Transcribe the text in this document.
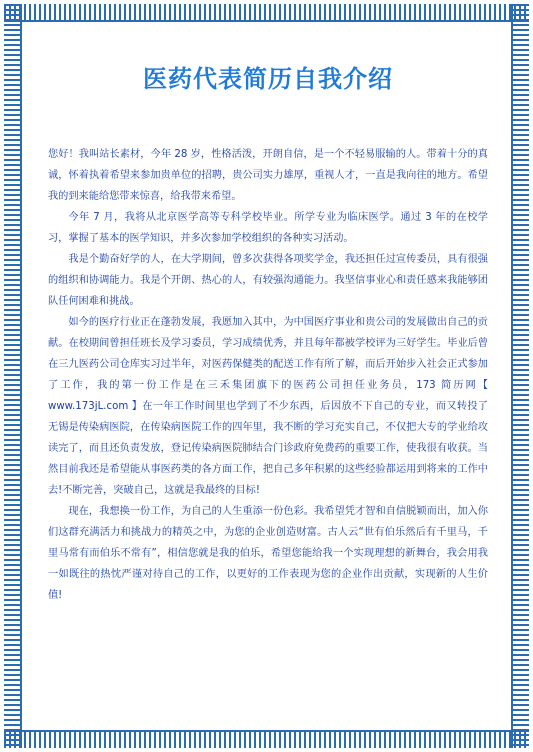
医药代表简历自我介绍

您好！我叫站长素材，今年 28 岁，性格活泼，开朗自信，是一个不轻易服输的人。带着十分的真诚，怀着执着希望来参加贵单位的招聘，贵公司实力雄厚，重视人才，一直是我向往的地方。希望我的到来能给您带来惊喜，给我带来希望。

今年 7 月，我将从北京医学高等专科学校毕业。所学专业为临床医学。通过 3 年的在校学习，掌握了基本的医学知识，并多次参加学校组织的各种实习活动。

我是个勤奋好学的人，在大学期间，曾多次获得各项奖学金，我还担任过宣传委员，具有很强的组织和协调能力。我是个开朗、热心的人，有较强沟通能力。我坚信事业心和责任感来我能够团队任何困难和挑战。

如今的医疗行业正在蓬勃发展，我愿加入其中，为中国医疗事业和贵公司的发展做出自己的贡献。在校期间曾担任班长及学习委员，学习成绩优秀，并且每年都被学校评为三好学生。毕业后曾在三九医药公司仓库实习过半年，对医药保健类的配送工作有所了解，而后开始步入社会正式参加了工作，我的第一份工作是在三禾集团旗下的医药公司担任业务员，173 简历网【 www.173jL.com 】在一年工作时间里也学到了不少东西，后因放不下自己的专业，而又转投了无锡是传染病医院，在传染病医院工作的四年里，我不断的学习充实自己，不仅把大专的学业给攻读完了，而且还负责发放，登记传染病医院肺结合门诊政府免费药的重要工作，使我很有收获。当然目前我还是希望能从事医药类的各方面工作，把自己多年积累的这些经验都运用到将来的工作中去!不断完善，突破自己，这就是我最终的目标!

现在，我想换一份工作，为自己的人生重添一份色彩。我希望凭才智和自信脱颖而出，加入你们这群充满活力和挑战力的精英之中，为您的企业创造财富。古人云“世有伯乐然后有千里马，千里马常有而伯乐不常有”，相信您就是我的伯乐，希望您能给我一个实现理想的新舞台，我会用我一如既往的热忱严谨对待自己的工作，以更好的工作表现为您的企业作出贡献，实现新的人生价值!
